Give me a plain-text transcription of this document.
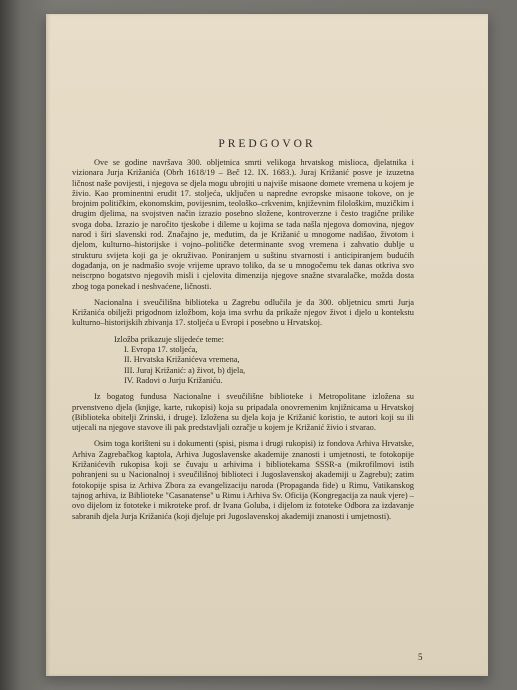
PREDGOVOR

Ove se godine navršava 300. obljetnica smrti velikoga hrvatskog mislioca, djelatnika i vizionara Jurja Križanića (Obrh 1618/19 – Beč 12. IX. 1683.). Juraj Križanić posve je izuzetna ličnost naše povijesti, i njegova se djela mogu ubrojiti u najviše misaone domete vremena u kojem je živio. Kao prominentni erudit 17. stoljeća, uključen u napredne evropske misaone tokove, on je brojnim političkim, ekonomskim, povijesnim, teološko–crkvenim, književnim filološkim, muzičkim i drugim djelima, na svojstven način izrazio posebno složene, kontroverzne i često tragične prilike svoga doba. Izrazio je naročito tjeskobe i dileme u kojima se tada našla njegova domovina, njegov narod i širi slavenski rod. Značajno je, međutim, da je Križanić u mnogome nadišao, životom i djelom, kulturno–historijske i vojno–političke determinante svog vremena i zahvatio dublje u strukturu svijeta koji ga je okruživao. Poniranjem u suštinu stvarnosti i anticipiranjem budućih događanja, on je nadmašio svoje vrijeme upravo toliko, da se u mnogočemu tek danas otkriva svo neiscrpno bogatstvo njegovih misli i cjelovita dimenzija njegove snažne stvaralačke, možda dosta zbog toga ponekad i neshvaćene, ličnosti.

Nacionalna i sveučilišna biblioteka u Zagrebu odlučila je da 300. obljetnicu smrti Jurja Križanića obilježi prigodnom izložbom, koja ima svrhu da prikaže njegov život i djelo u kontekstu kulturno–historijskih zbivanja 17. stoljeća u Evropi i posebno u Hrvatskoj.

Izložba prikazuje slijedeće teme:
I. Evropa 17. stoljeća,
II. Hrvatska Križanićeva vremena,
III. Juraj Križanić: a) život, b) djela,
IV. Radovi o Jurju Križaniću.

Iz bogatog fundusa Nacionalne i sveučilišne biblioteke i Metropolitane izložena su prvenstveno djela (knjige, karte, rukopisi) koja su pripadala onovremenim knjižnicama u Hrvatskoj (Biblioteka obitelji Zrinski, i druge). Izložena su djela koja je Križanić koristio, te autori koji su ili utjecali na njegove stavove ili pak predstavljali ozračje u kojem je Križanić živio i stvarao.

Osim toga korišteni su i dokumenti (spisi, pisma i drugi rukopisi) iz fondova Arhiva Hrvatske, Arhiva Zagrebačkog kaptola, Arhiva Jugoslavenske akademije znanosti i umjetnosti, te fotokopije Križanićevih rukopisa koji se čuvaju u arhivima i bibliotekama SSSR-a (mikrofilmovi istih pohranjeni su u Nacionalnoj i sveučilišnoj biblioteci i Jugoslavenskoj akademiji u Zagrebu); zatim fotokopije spisa iz Arhiva Zbora za evangelizaciju naroda (Propaganda fide) u Rimu, Vatikanskog tajnog arhiva, iz Biblioteke "Casanatense" u Rimu i Arhiva Sv. Oficija (Kongregacija za nauk vjere) – ovo dijelom iz fototeke i mikroteke prof. dr Ivana Goluba, i dijelom iz fototeke Odbora za izdavanje sabranih djela Jurja Križanića (koji djeluje pri Jugoslavenskoj akademiji znanosti i umjetnosti).

5
